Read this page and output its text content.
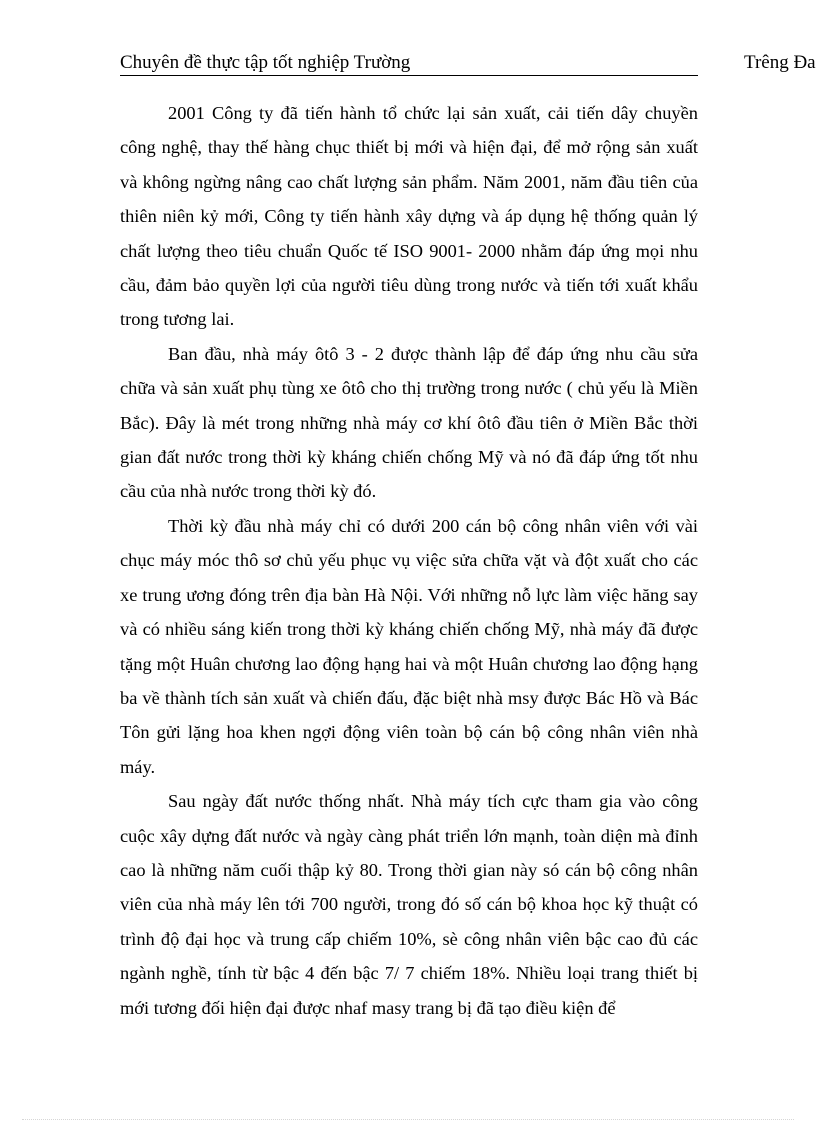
Chuyên đề thực tập tốt nghiệp Trường	Trêng Đa

2001 Công ty đã tiến hành tổ chức lại sản xuất, cải tiến dây chuyền công nghệ, thay thế hàng chục thiết bị mới và hiện đại, để mở rộng sản xuất và không ngừng nâng cao chất lượng sản phẩm. Năm 2001, năm đầu tiên của thiên niên kỷ mới, Công ty tiến hành xây dựng và áp dụng hệ thống quản lý chất lượng theo tiêu chuẩn Quốc tế ISO 9001- 2000 nhằm đáp ứng mọi nhu cầu, đảm bảo quyền lợi của người tiêu dùng trong nước và tiến tới xuất khẩu trong tương lai.

Ban đầu, nhà máy ôtô 3 - 2 được thành lập để đáp ứng nhu cầu sửa chữa và sản xuất phụ tùng xe ôtô cho thị trường trong nước ( chủ yếu là Miền Bắc). Đây là mét trong những nhà máy cơ khí ôtô đầu tiên ở Miền Bắc thời gian đất nước trong thời kỳ kháng chiến chống Mỹ và nó đã đáp ứng tốt nhu cầu của nhà nước trong thời kỳ đó.

Thời kỳ đầu nhà máy chỉ có dưới 200 cán bộ công nhân viên với vài chục máy móc thô sơ chủ yếu phục vụ việc sửa chữa vặt và đột xuất cho các xe trung ương đóng trên địa bàn Hà Nội. Với những nỗ lực làm việc hăng say và có nhiều sáng kiến trong thời kỳ kháng chiến chống Mỹ, nhà máy đã được tặng một Huân chương lao động hạng hai và một Huân chương lao động hạng ba về thành tích sản xuất và chiến đấu, đặc biệt nhà msy được Bác Hồ và Bác Tôn gửi lặng hoa khen ngợi động viên toàn bộ cán bộ công nhân viên nhà máy.

Sau ngày đất nước thống nhất. Nhà máy tích cực tham gia vào công cuộc xây dựng đất nước và ngày càng phát triển lớn mạnh, toàn diện mà đỉnh cao là những năm cuối thập kỷ 80. Trong thời gian này só cán bộ công nhân viên của nhà máy lên tới 700 người, trong đó số cán bộ khoa học kỹ thuật có trình độ đại học và trung cấp chiếm 10%, sè công nhân viên bậc cao đủ các ngành nghề, tính từ bậc 4 đến bậc 7/ 7 chiếm 18%. Nhiều loại trang thiết bị mới tương đối hiện đại được nhaf masy trang bị đã tạo điều kiện để
